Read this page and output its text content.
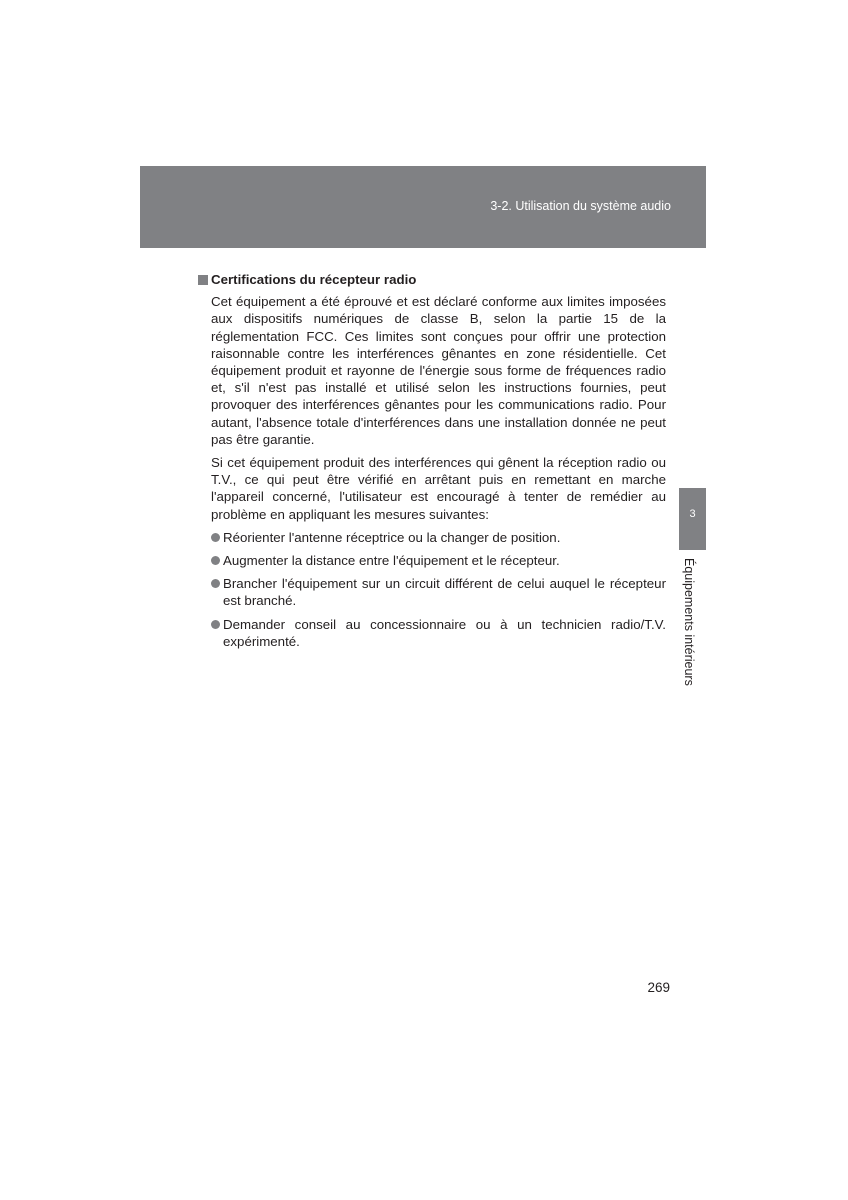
3-2. Utilisation du système audio
Certifications du récepteur radio

Cet équipement a été éprouvé et est déclaré conforme aux limites imposées aux dispositifs numériques de classe B, selon la partie 15 de la réglementation FCC. Ces limites sont conçues pour offrir une protection raisonnable contre les interférences gênantes en zone résidentielle. Cet équipement produit et rayonne de l'énergie sous forme de fréquences radio et, s'il n'est pas installé et utilisé selon les instructions fournies, peut provoquer des interférences gênantes pour les communications radio. Pour autant, l'absence totale d'interférences dans une installation donnée ne peut pas être garantie.

Si cet équipement produit des interférences qui gênent la réception radio ou T.V., ce qui peut être vérifié en arrêtant puis en remettant en marche l'appareil concerné, l'utilisateur est encouragé à tenter de remédier au problème en appliquant les mesures suivantes:

Réorienter l'antenne réceptrice ou la changer de position.
Augmenter la distance entre l'équipement et le récepteur.
Brancher l'équipement sur un circuit différent de celui auquel le récepteur est branché.
Demander conseil au concessionnaire ou à un technicien radio/T.V. expérimenté.
3
Équipements intérieurs
269
